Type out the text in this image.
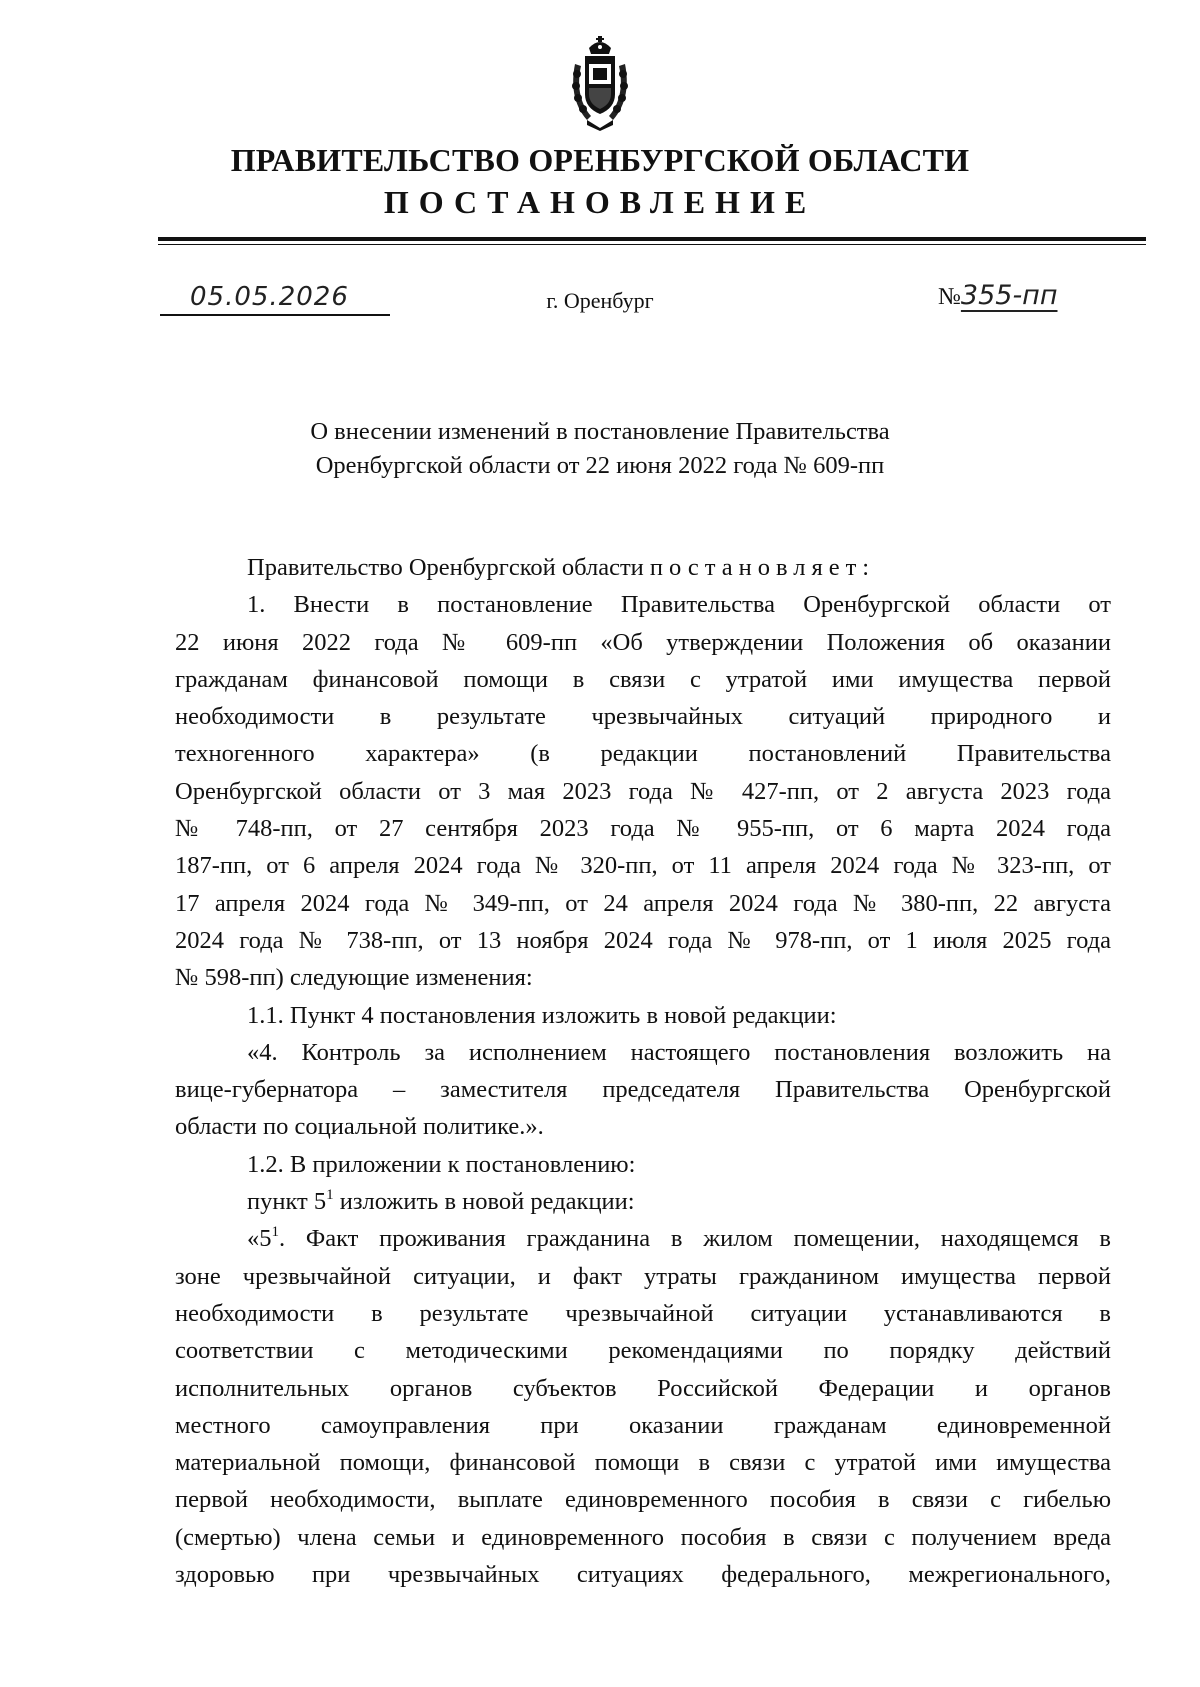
ПРАВИТЕЛЬСТВО ОРЕНБУРГСКОЙ ОБЛАСТИ
ПОСТАНОВЛЕНИЕ
05.05.2026	г. Оренбург	№355-пп
О внесении изменений в постановление Правительства
Оренбургской области от 22 июня 2022 года № 609-пп

Правительство Оренбургской области постановляет:

1. Внести в постановление Правительства Оренбургской области от

22 июня 2022 года № 609-пп «Об утверждении Положения об оказании

гражданам финансовой помощи в связи с утратой ими имущества первой

необходимости в результате чрезвычайных ситуаций природного и

техногенного характера» (в редакции постановлений Правительства

Оренбургской области от 3 мая 2023 года № 427-пп, от 2 августа 2023 года

№ 748-пп, от 27 сентября 2023 года № 955-пп, от 6 марта 2024 года

187-пп, от 6 апреля 2024 года № 320-пп, от 11 апреля 2024 года № 323-пп, от

17 апреля 2024 года № 349-пп, от 24 апреля 2024 года № 380-пп, 22 августа

2024 года № 738-пп, от 13 ноября 2024 года № 978-пп, от 1 июля 2025 года

№ 598-пп) следующие изменения:

1.1. Пункт 4 постановления изложить в новой редакции:

«4. Контроль за исполнением настоящего постановления возложить на

вице-губернатора – заместителя председателя Правительства Оренбургской

области по социальной политике.».

1.2. В приложении к постановлению:

пункт $5^1$ изложить в новой редакции:

«$5^1$. Факт проживания гражданина в жилом помещении, находящемся в

зоне чрезвычайной ситуации, и факт утраты гражданином имущества первой

необходимости в результате чрезвычайной ситуации устанавливаются в

соответствии с методическими рекомендациями по порядку действий

исполнительных органов субъектов Российской Федерации и органов

местного самоуправления при оказании гражданам единовременной

материальной помощи, финансовой помощи в связи с утратой ими имущества

первой необходимости, выплате единовременного пособия в связи с гибелью

(смертью) члена семьи и единовременного пособия в связи с получением вреда

здоровью при чрезвычайных ситуациях федерального, межрегионального,
